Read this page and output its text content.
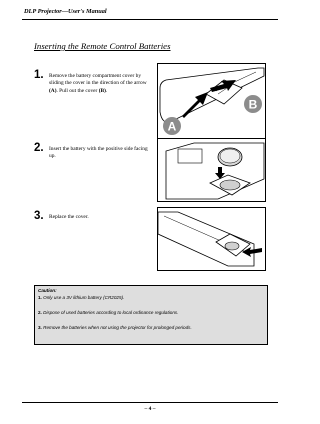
DLP Projector—User's Manual
Inserting the Remote Control Batteries
1. Remove the battery compartment cover by sliding the cover in the direction of the arrow (A). Pull out the cover (B).
A
B
2. Insert the battery with the positive side facing up.
3. Replace the cover.
Caution:
1. Only use a 3V lithium battery (CR2025).
2. Dispose of used batteries according to local ordinance regulations.
3. Remove the batteries when not using the projector for prolonged periods.
– 4 –
